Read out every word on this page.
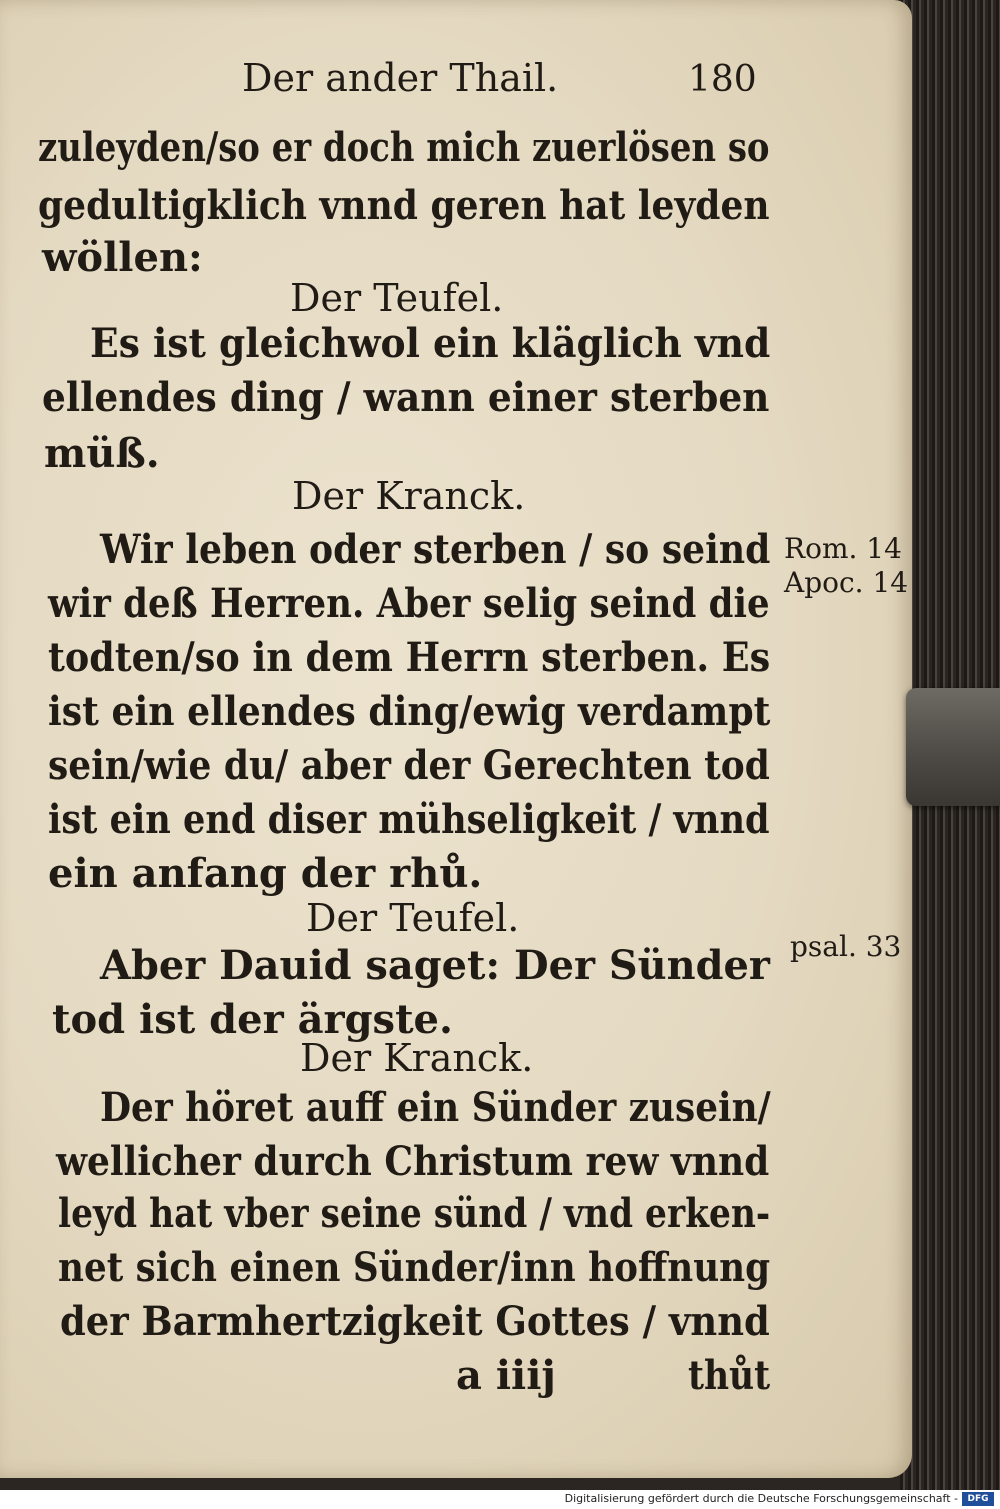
Der ander Thail.	180
zuleyden/so er doch mich zuerlösen so
gedultigklich vnnd geren hat leyden
wöllen:
Der Teufel.
Es ist gleichwol ein kläglich vnd
ellendes ding / wann einer sterben
müß.
Der Kranck.
Wir leben oder sterben / so seind
wir deß Herren. Aber selig seind die
todten/so in dem Herrn sterben. Es
ist ein ellendes ding/ewig verdampt
sein/wie du/ aber der Gerechten tod
ist ein end diser mühseligkeit / vnnd
ein anfang der rhů.
Der Teufel.
Aber Dauid saget: Der Sünder
tod ist der ärgste.
Der Kranck.
Der höret auff ein Sünder zusein/
wellicher durch Christum rew vnnd
leyd hat vber seine sünd / vnd erken-
net sich einen Sünder/inn hoffnung
der Barmhertzigkeit Gottes / vnnd
a iiij	thůt
Rom. 14
Apoc. 14
psal. 33
Digitalisierung gefördert durch die Deutsche Forschungsgemeinschaft -	DFG
